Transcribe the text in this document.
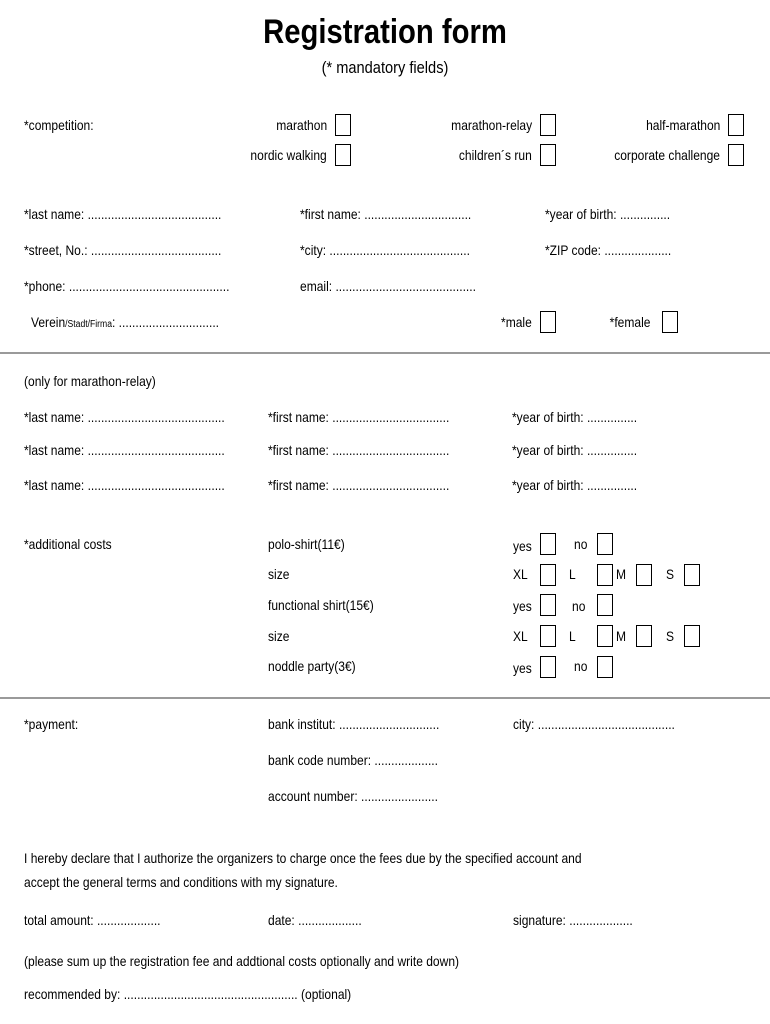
Registration form
(* mandatory fields)
*competition:	marathon	marathon-relay	half-marathon
nordic walking	children´s run	corporate challenge
*last name: ........................................	*first name: ................................	*year of birth: ...............
*street, No.: .......................................	*city: ..........................................	*ZIP code: ....................
*phone: ................................................	email: ..........................................
Verein/Stadt/Firma: ..............................	*male	*female
(only for marathon-relay)
*last name: .........................................	*first name: ...................................	*year of birth: ...............
*last name: .........................................	*first name: ...................................	*year of birth: ...............
*last name: .........................................	*first name: ...................................	*year of birth: ...............
*additional costs	polo-shirt(11€)	yes	no
size	XL	L	M	S
functional shirt(15€)	yes	no
size	XL	L	M	S
noddle party(3€)	yes	no
*payment:	bank institut: ..............................	city: .........................................
bank code number: ...................
account number: .......................
I hereby declare that I authorize the organizers to charge once the fees due by the specified account and
accept the general terms and conditions with my signature.
total amount: ...................	date: ...................	signature: ...................
(please sum up the registration fee and addtional costs optionally and write down)
recommended by: .................................................... (optional)
